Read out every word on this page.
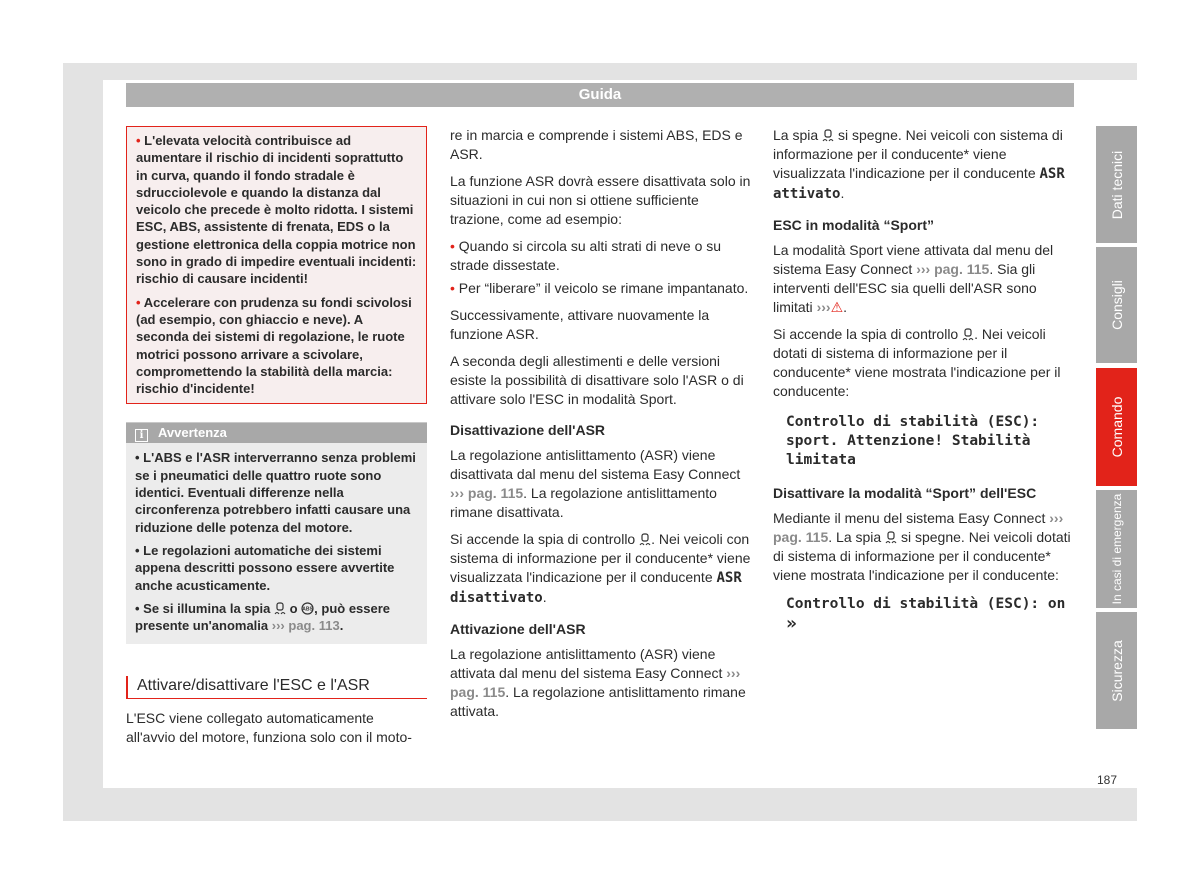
Guida
• L'elevata velocità contribuisce ad aumentare il rischio di incidenti soprattutto in curva, quando il fondo stradale è sdrucciolevole e quando la distanza dal veicolo che precede è molto ridotta. I sistemi ESC, ABS, assistente di frenata, EDS o la gestione elettronica della coppia motrice non sono in grado di impedire eventuali incidenti: rischio di causare incidenti!
• Accelerare con prudenza su fondi scivolosi (ad esempio, con ghiaccio e neve). A seconda dei sistemi di regolazione, le ruote motrici possono arrivare a scivolare, compromettendo la stabilità della marcia: rischio d'incidente!
i Avvertenza
• L'ABS e l'ASR interverranno senza problemi se i pneumatici delle quattro ruote sono identici. Eventuali differenze nella circonferenza potrebbero infatti causare una riduzione delle potenza del motore.
• Le regolazioni automatiche dei sistemi appena descritti possono essere avvertite anche acusticamente.
• Se si illumina la spia o ABS , può essere presente un'anomalia ››› pag. 113.
Attivare/disattivare l'ESC e l'ASR

L'ESC viene collegato automaticamente all'avvio del motore, funziona solo con il moto-

re in marcia e comprende i sistemi ABS, EDS e ASR.

La funzione ASR dovrà essere disattivata solo in situazioni in cui non si ottiene sufficiente trazione, come ad esempio:

• Quando si circola su alti strati di neve o su strade dissestate.

• Per “liberare” il veicolo se rimane impantanato.

Successivamente, attivare nuovamente la funzione ASR.

A seconda degli allestimenti e delle versioni esiste la possibilità di disattivare solo l'ASR o di attivare solo l'ESC in modalità Sport.

Disattivazione dell'ASR

La regolazione antislittamento (ASR) viene disattivata dal menu del sistema Easy Connect ››› pag. 115. La regolazione antislittamento rimane disattivata.

Si accende la spia di controllo . Nei veicoli con sistema di informazione per il conducente* viene visualizzata l'indicazione per il conducente ASR disattivato.

Attivazione dell'ASR

La regolazione antislittamento (ASR) viene attivata dal menu del sistema Easy Connect ››› pag. 115. La regolazione antislittamento rimane attivata.

La spia si spegne. Nei veicoli con sistema di informazione per il conducente* viene visualizzata l'indicazione per il conducente ASR attivato.

ESC in modalità “Sport”

La modalità Sport viene attivata dal menu del sistema Easy Connect ››› pag. 115. Sia gli interventi dell'ESC sia quelli dell'ASR sono limitati ›››⚠.

Si accende la spia di controllo . Nei veicoli dotati di sistema di informazione per il conducente* viene mostrata l'indicazione per il conducente:

Controllo di stabilità (ESC): sport. Attenzione! Stabilità limitata

Disattivare la modalità “Sport” dell'ESC

Mediante il menu del sistema Easy Connect ››› pag. 115. La spia si spegne. Nei veicoli dotati di sistema di informazione per il conducente* viene mostrata l'indicazione per il conducente:

Controllo di stabilità (ESC): on »

Dati tecnici
Consigli
Comando
In casi di emergenza
Sicurezza
187
